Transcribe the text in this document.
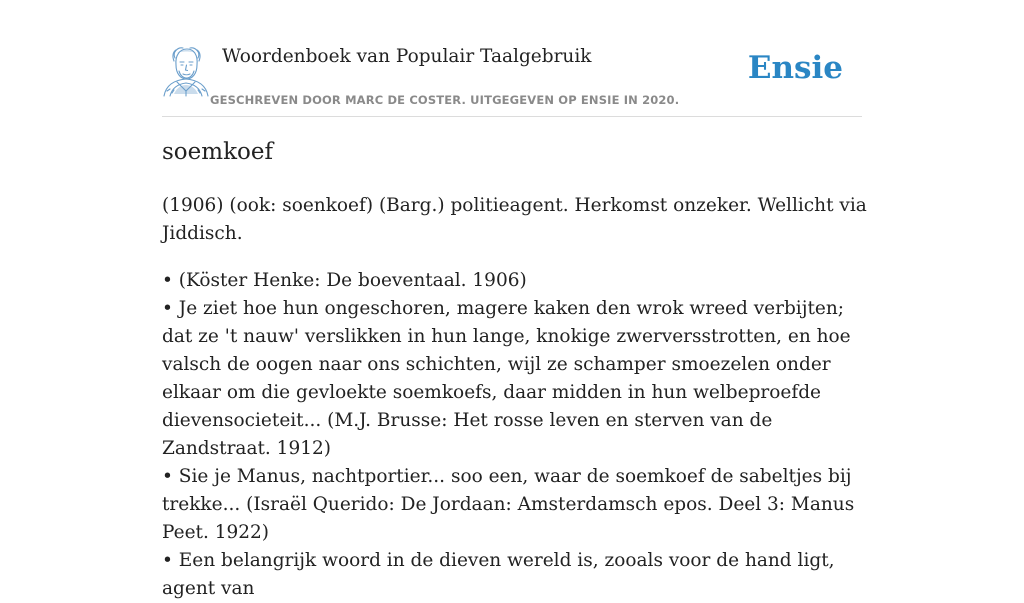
Woordenboek van Populair Taalgebruik
GESCHREVEN DOOR MARC DE COSTER. UITGEGEVEN OP ENSIE IN 2020.
Ensie
soemkoef

(1906) (ook: soenkoef) (Barg.) politieagent. Herkomst onzeker. Wellicht via Jiddisch.

• (Köster Henke: De boeventaal. 1906)
• Je ziet hoe hun ongeschoren, magere kaken den wrok wreed verbijten; dat ze 't nauw' verslikken in hun lange, knokige zwerversstrotten, en hoe valsch de oogen naar ons schichten, wijl ze schamper smoezelen onder elkaar om die gevloekte soemkoefs, daar midden in hun welbeproefde dievensocieteit... (M.J. Brusse: Het rosse leven en sterven van de Zandstraat. 1912)
• Sie je Manus, nachtportier... soo een, waar de soemkoef de sabeltjes bij trekke... (Israël Querido: De Jordaan: Amsterdamsch epos. Deel 3: Manus Peet. 1922)
• Een belangrijk woord in de dieven wereld is, zooals voor de hand ligt, agent van
